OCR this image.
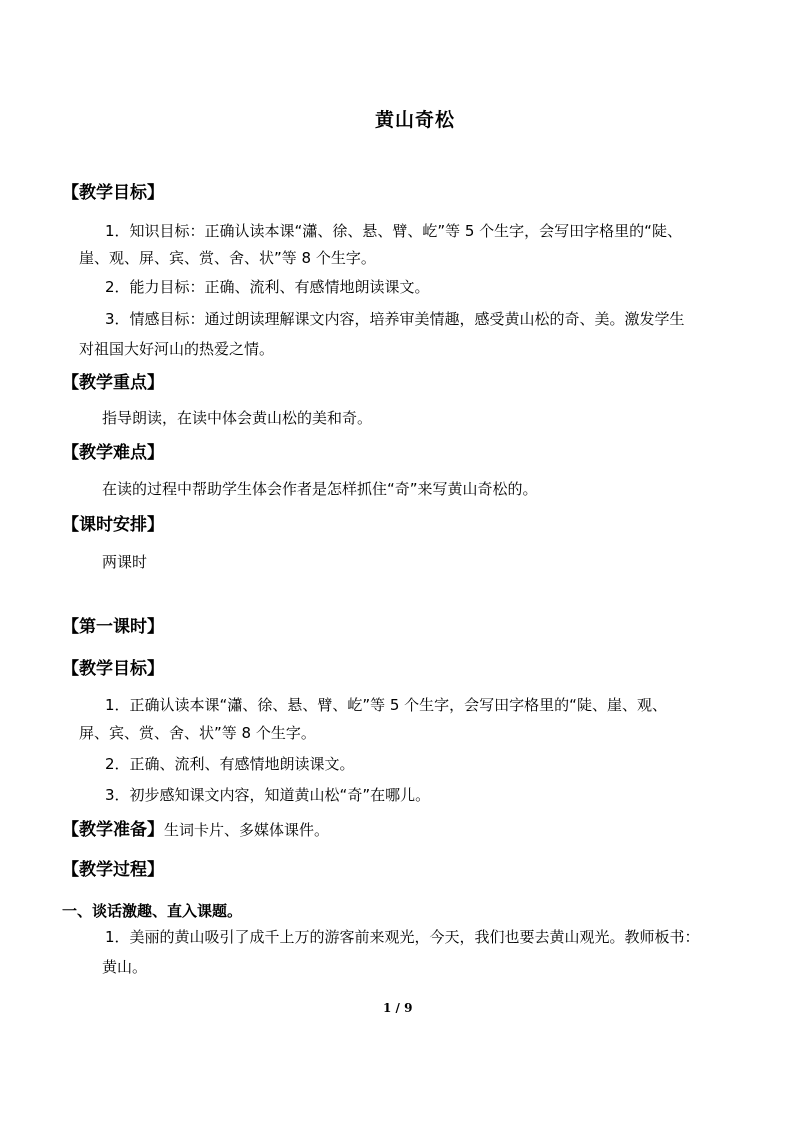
黄山奇松
【教学目标】
1．知识目标：正确认读本课“瀟、徐、悬、臂、屹”等 5 个生字，会写田字格里的“陡、
崖、观、屏、宾、赏、舍、状”等 8 个生字。
2．能力目标：正确、流利、有感情地朗读课文。
3．情感目标：通过朗读理解课文内容，培养审美情趣，感受黄山松的奇、美。激发学生
对祖国大好河山的热爱之情。
【教学重点】
指导朗读，在读中体会黄山松的美和奇。
【教学难点】
在读的过程中帮助学生体会作者是怎样抓住“奇”来写黄山奇松的。
【课时安排】
两课时
【第一课时】
【教学目标】
1．正确认读本课“瀟、徐、悬、臂、屹”等 5 个生字，会写田字格里的“陡、崖、观、
屏、宾、赏、舍、状”等 8 个生字。
2．正确、流利、有感情地朗读课文。
3．初步感知课文内容，知道黄山松“奇”在哪儿。
【教学准备】生词卡片、多媒体课件。
【教学过程】
一、谈话激趣、直入课题。
1．美丽的黄山吸引了成千上万的游客前来观光，今天，我们也要去黄山观光。教师板书：
黄山。
1 / 9
